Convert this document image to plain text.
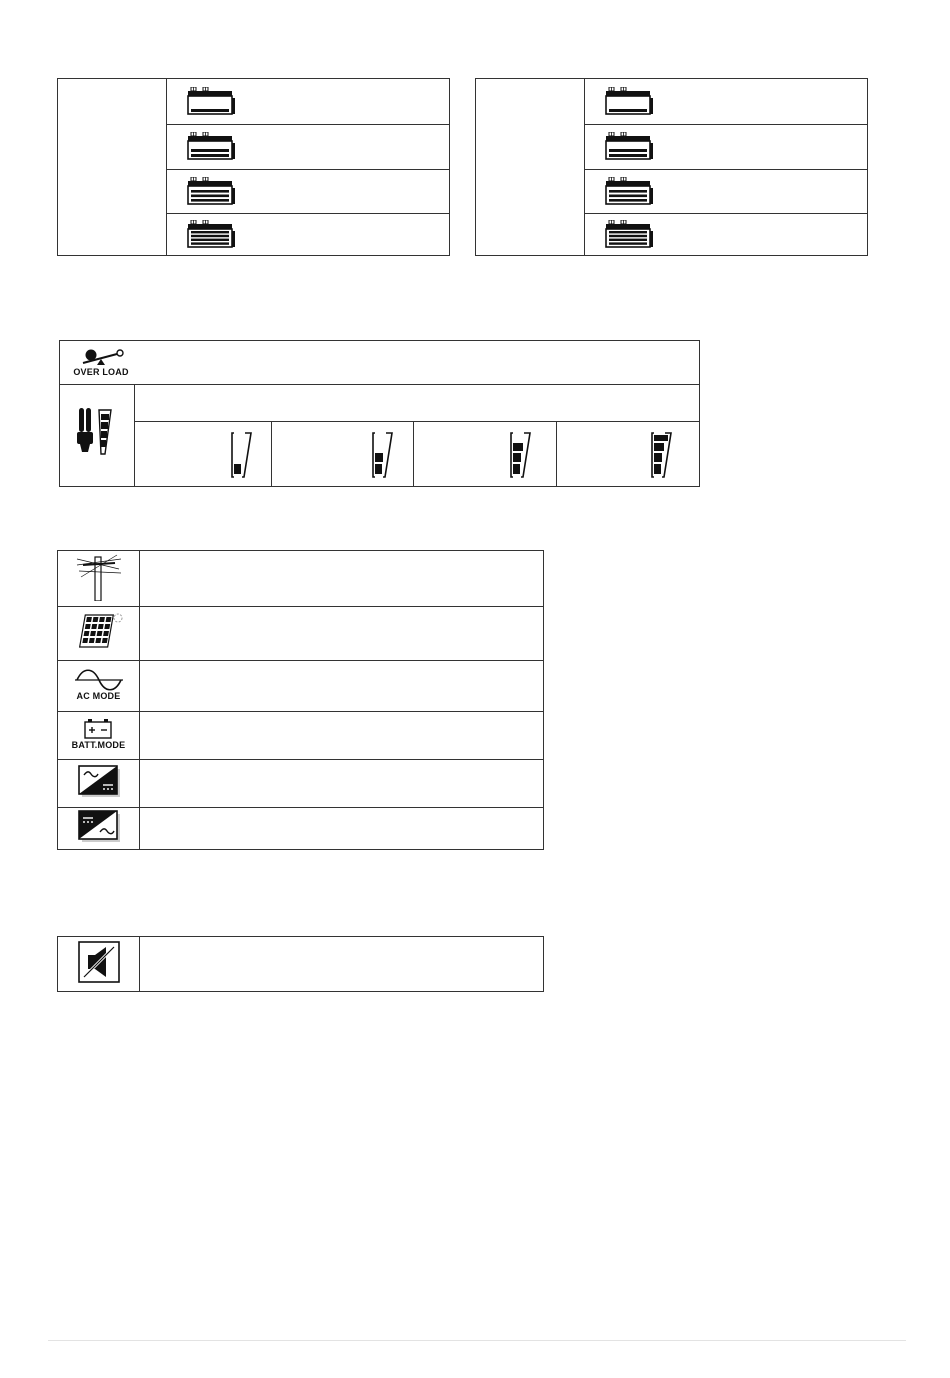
OVER LOAD				

AC MODE	

BATT.MODE	
